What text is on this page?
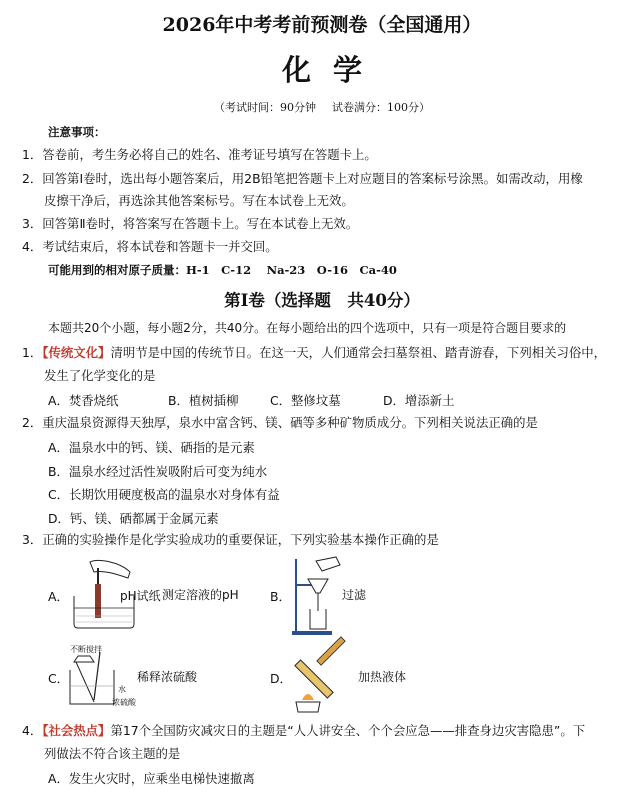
2026年中考考前预测卷（全国通用）
化学
（考试时间：90分钟 试卷满分：100分）
注意事项：
1．答卷前，考生务必将自己的姓名、准考证号填写在答题卡上。
2．回答第Ⅰ卷时，选出每小题答案后，用2B铅笔把答题卡上对应题目的答案标号涂黑。如需改动，用橡
皮擦干净后，再选涂其他答案标号。写在本试卷上无效。
3．回答第Ⅱ卷时，将答案写在答题卡上。写在本试卷上无效。
4．考试结束后，将本试卷和答题卡一并交回。
可能用到的相对原子质量：H-1　C-12　 Na-23　O-16　Ca-40
第Ⅰ卷（选择题　共40分）
本题共20个小题，每小题2分，共40分。在每小题给出的四个选项中，只有一项是符合题目要求的
1．【传统文化】清明节是中国的传统节日。在这一天，人们通常会扫墓祭祖、踏青游春，下列相关习俗中，
发生了化学变化的是
A．焚香烧纸	B．植树插柳	C．整修坟墓	D．增添新土
2．重庆温泉资源得天独厚，泉水中富含钙、镁、硒等多种矿物质成分。下列相关说法正确的是
A．温泉水中的钙、镁、硒指的是元素
B．温泉水经过活性炭吸附后可变为纯水
C．长期饮用硬度极高的温泉水对身体有益
D．钙、镁、硒都属于金属元素
3．正确的实验操作是化学实验成功的重要保证，下列实验基本操作正确的是
A．	pH试纸 测定溶液的pH	B．	过滤
C．
不断搅拌
水
浓硫酸
稀释浓硫酸	D．	加热液体
4．【社会热点】第17个全国防灾减灾日的主题是“人人讲安全、个个会应急——排查身边灾害隐患”。下
列做法不符合该主题的是
A．发生火灾时，应乘坐电梯快速撤离
